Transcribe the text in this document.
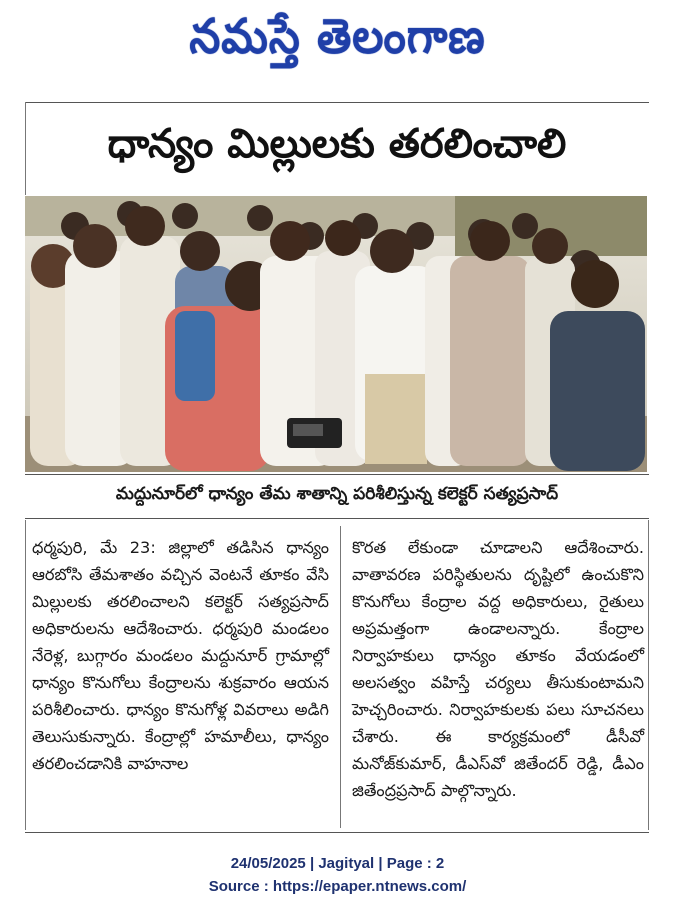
నమస్తే తెలంగాణ
ధాన్యం మిల్లులకు తరలించాలి
మద్దునూర్‌లో ధాన్యం తేమ శాతాన్ని పరిశీలిస్తున్న కలెక్టర్ సత్యప్రసాద్

ధర్మపురి, మే 23: జిల్లాలో తడిసిన ధాన్యం ఆరబోసి తేమశాతం వచ్చిన వెంటనే తూకం వేసి మిల్లులకు తరలించాలని కలెక్టర్ సత్యప్రసాద్ అధికారులను ఆదేశించారు. ధర్మపురి మండలం నేరెళ్ల, బుగ్గారం మండలం మద్దునూర్ గ్రామాల్లో ధాన్యం కొనుగోలు కేంద్రాలను శుక్రవారం ఆయన పరిశీలించారు. ధాన్యం కొనుగోళ్ల వివరాలు అడిగి తెలుసుకున్నారు. కేంద్రాల్లో హమాలీలు, ధాన్యం తరలించడానికి వాహనాల

కొరత లేకుండా చూడాలని ఆదేశించారు. వాతావరణ పరిస్థితులను దృష్టిలో ఉంచుకొని కొనుగోలు కేంద్రాల వద్ద అధికారులు, రైతులు అప్రమత్తంగా ఉండాలన్నారు. కేంద్రాల నిర్వాహకులు ధాన్యం తూకం వేయడంలో అలసత్వం వహిస్తే చర్యలు తీసుకుంటామని హెచ్చరించారు. నిర్వాహకులకు పలు సూచనలు చేశారు. ఈ కార్యక్రమంలో డీసీవో మనోజ్‌కుమార్, డీఎస్‌వో జితేందర్ రెడ్డి, డీఎం జితేంద్రప్రసాద్ పాల్గొన్నారు.

24/05/2025 | Jagityal | Page : 2
Source : https://epaper.ntnews.com/
